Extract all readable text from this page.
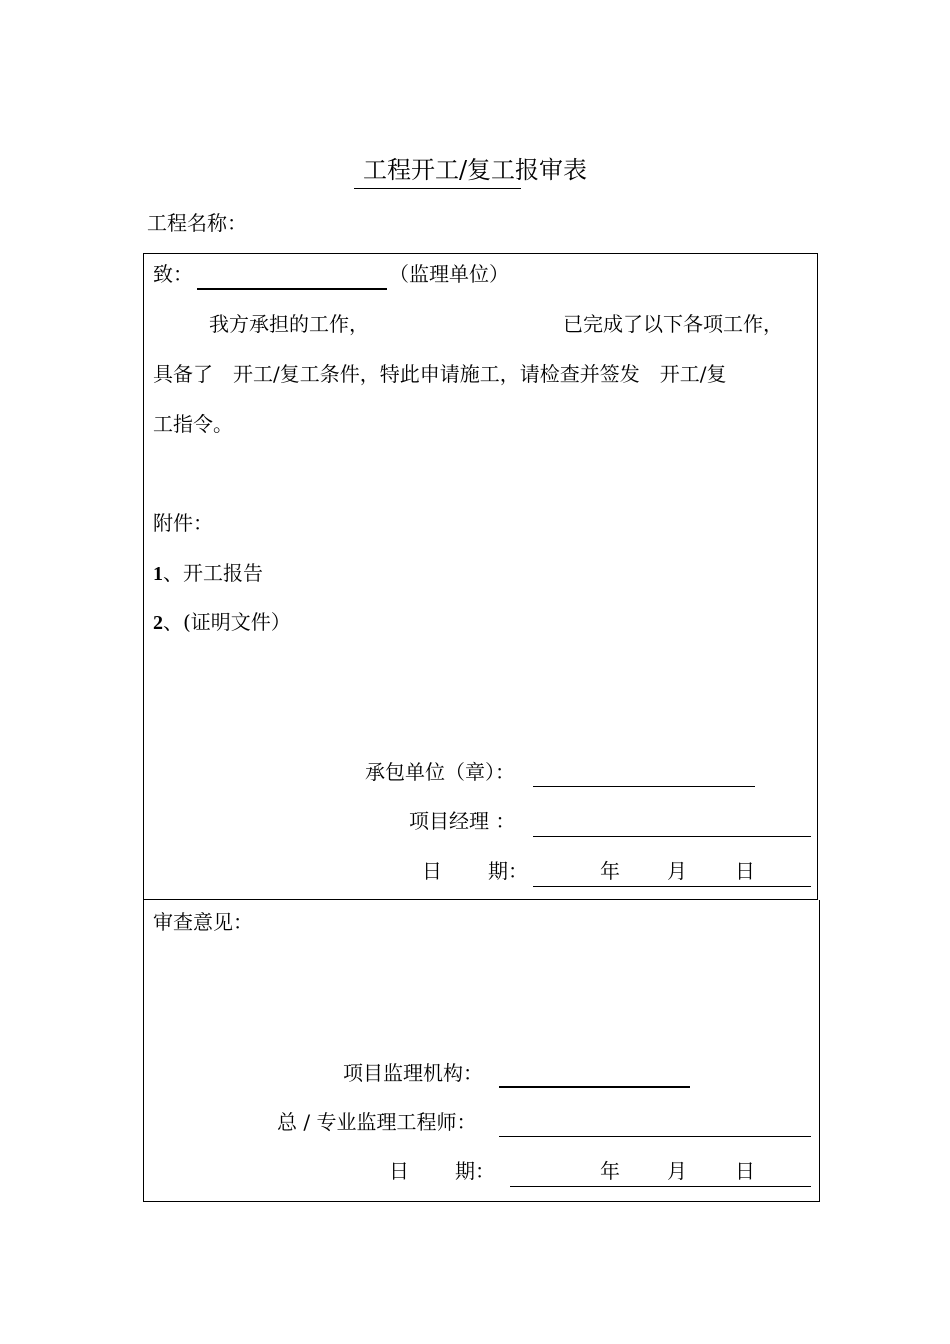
工程开工/复工报审表
工程名称：
致：	（监理单位）
我方承担的工作，	已完成了以下各项工作，
具备了　开工/复工条件，特此申请施工，请检查并签发　开工/复
工指令。
附件：
1、开工报告
2、(证明文件）
承包单位（章）：
项目经理 ：
日 期：	年 月 日
审查意见：
项目监理机构：
总 / 专业监理工程师：
日 期：	年 月 日
